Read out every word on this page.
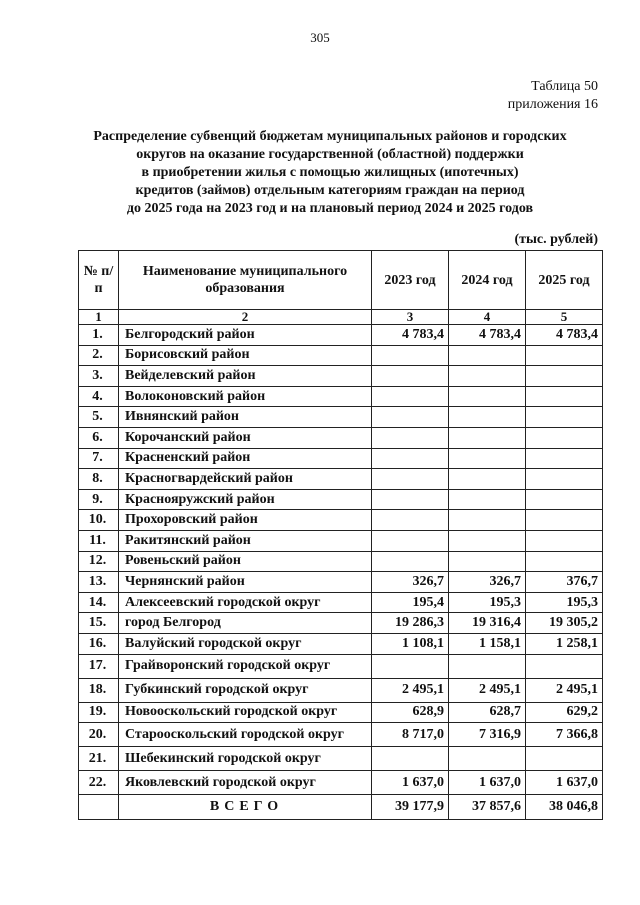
305
Таблица 50
приложения 16
Распределение субвенций бюджетам муниципальных районов и городских
округов на оказание государственной (областной) поддержки
в приобретении жилья с помощью жилищных (ипотечных)
кредитов (займов) отдельным категориям граждан на период
до 2025 года на 2023 год и на плановый период 2024 и 2025 годов
(тыс. рублей)
№ п/п	Наименование муниципального образования	2023 год	2024 год	2025 год
1	2	3	4	5
1.	Белгородский район	4 783,4	4 783,4	4 783,4
2.	Борисовский район			
3.	Вейделевский район			
4.	Волоконовский район			
5.	Ивнянский район			
6.	Корочанский район			
7.	Красненский район			
8.	Красногвардейский район			
9.	Краснояружский район			
10.	Прохоровский район			
11.	Ракитянский район			
12.	Ровеньский район			
13.	Чернянский район	326,7	326,7	376,7
14.	Алексеевский городской округ	195,4	195,3	195,3
15.	город Белгород	19 286,3	19 316,4	19 305,2
16.	Валуйский городской округ	1 108,1	1 158,1	1 258,1
17.	Грайворонский городской округ			
18.	Губкинский городской округ	2 495,1	2 495,1	2 495,1
19.	Новооскольский городской округ	628,9	628,7	629,2
20.	Старооскольский городской округ	8 717,0	7 316,9	7 366,8
21.	Шебекинский городской округ			
22.	Яковлевский городской округ	1 637,0	1 637,0	1 637,0
	ВСЕГО	39 177,9	37 857,6	38 046,8
